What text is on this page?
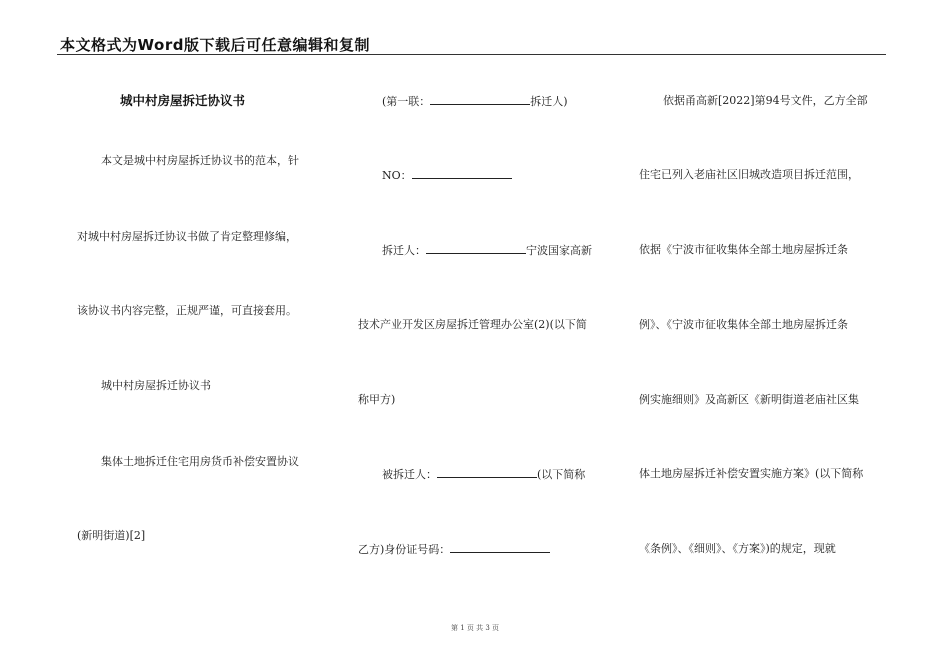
本文格式为Word版下载后可任意编辑和复制
城中村房屋拆迁协议书
本文是城中村房屋拆迁协议书的范本，针
对城中村房屋拆迁协议书做了肯定整理修编，
该协议书内容完整，正规严谨，可直接套用。
城中村房屋拆迁协议书
集体土地拆迁住宅用房货币补偿安置协议
(新明街道)[2]
(第一联：	拆迁人)
NO：
拆迁人：	宁波国家高新
技术产业开发区房屋拆迁管理办公室(2)(以下简
称甲方)
被拆迁人：	(以下简称
乙方)身份证号码：
依据甬高新[2022]第94号文件，乙方全部
住宅已列入老庙社区旧城改造项目拆迁范围，
依据《宁波市征收集体全部土地房屋拆迁条
例》、《宁波市征收集体全部土地房屋拆迁条
例实施细则》及高新区《新明街道老庙社区集
体土地房屋拆迁补偿安置实施方案》(以下简称
《条例》、《细则》、《方案》)的规定，现就
第 1 页 共 3 页
